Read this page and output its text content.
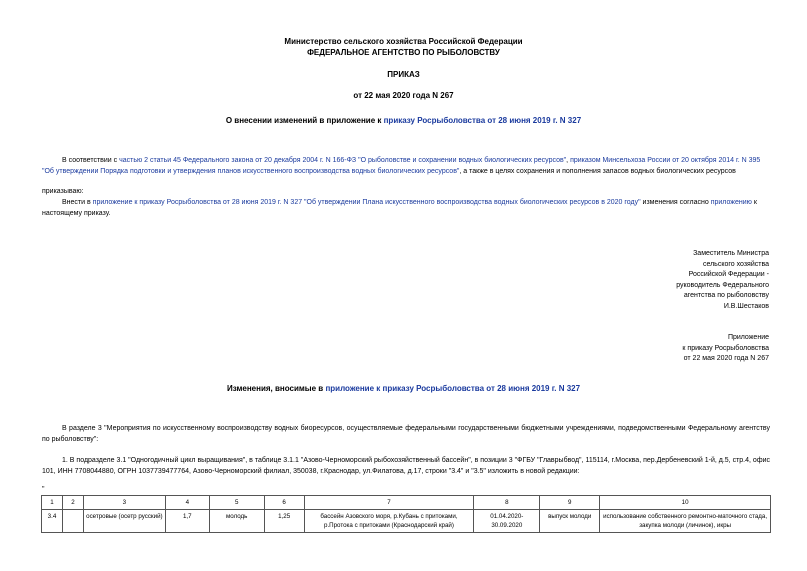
Министерство сельского хозяйства Российской Федерации
ФЕДЕРАЛЬНОЕ АГЕНТСТВО ПО РЫБОЛОВСТВУ
ПРИКАЗ
от 22 мая 2020 года N 267
О внесении изменений в приложение к приказу Росрыболовства от 28 июня 2019 г. N 327
В соответствии с частью 2 статьи 45 Федерального закона от 20 декабря 2004 г. N 166-ФЗ "О рыболовстве и сохранении водных биологических ресурсов", приказом Минсельхоза России от 20 октября 2014 г. N 395 "Об утверждении Порядка подготовки и утверждения планов искусственного воспроизводства водных биологических ресурсов", а также в целях сохранения и пополнения запасов водных биологических ресурсов
приказываю:
Внести в приложение к приказу Росрыболовства от 28 июня 2019 г. N 327 "Об утверждении Плана искусственного воспроизводства водных биологических ресурсов в 2020 году" изменения согласно приложению к настоящему приказу.
Заместитель Министра
сельского хозяйства
Российской Федерации -
руководитель Федерального
агентства по рыболовству
И.В.Шестаков
Приложение
к приказу Росрыболовства
от 22 мая 2020 года N 267
Изменения, вносимые в приложение к приказу Росрыболовства от 28 июня 2019 г. N 327
В разделе 3 "Мероприятия по искусственному воспроизводству водных биоресурсов, осуществляемые федеральными государственными бюджетными учреждениями, подведомственными Федеральному агентству по рыболовству":
1. В подразделе 3.1 "Одногодичный цикл выращивания", в таблице 3.1.1 "Азово-Черноморский рыбохозяйственный бассейн", в позиции 3 "ФГБУ "Главрыбвод", 115114, г.Москва, пер.Дербеневский 1-й, д.5, стр.4, офис 101, ИНН 7708044880, ОГРН 1037739477764, Азово-Черноморский филиал, 350038, г.Краснодар, ул.Филатова, д.17, строки "3.4" и "3.5" изложить в новой редакции:
"
1	2	3	4	5	6	7	8	9	10
3.4		осетровые (осетр русский)	1,7	молодь	1,25	бассейн Азовского моря, р.Кубань с притоками, р.Протока с притоками (Краснодарский край)	01.04.2020-30.09.2020	выпуск молоди	использование собственного ремонтно-маточного стада, закупка молоди (личинок), икры
